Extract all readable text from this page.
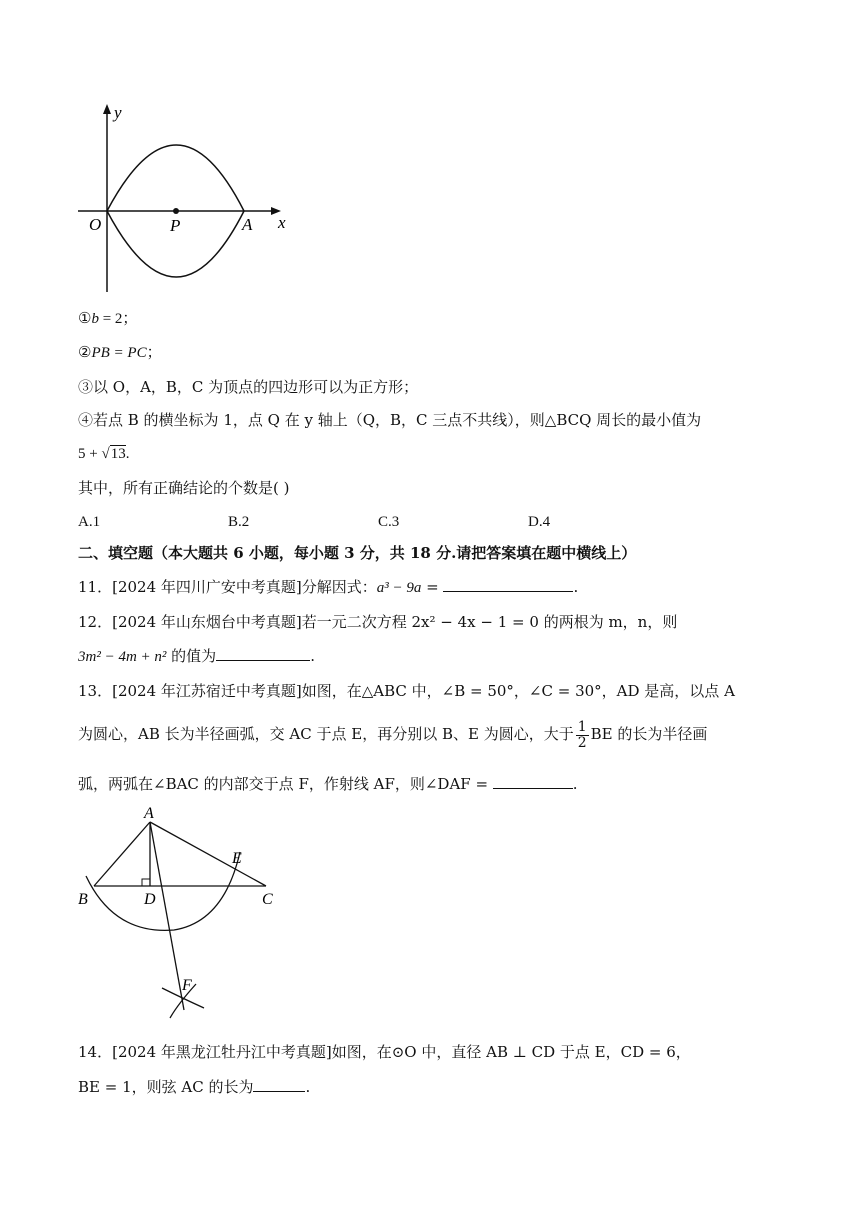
y
x
O	P	A
①b = 2；
②PB = PC；
③以 O，A，B，C 为顶点的四边形可以为正方形；
④若点 B 的横坐标为 1，点 Q 在 y 轴上（Q，B，C 三点不共线），则△BCQ 周长的最小值为
5 + √13.
其中，所有正确结论的个数是( )
A.1	B.2	C.3	D.4
二、填空题（本大题共 6 小题，每小题 3 分，共 18 分.请把答案填在题中横线上）
11．[2024 年四川广安中考真题]分解因式：a³ − 9a =	.
12．[2024 年山东烟台中考真题]若一元二次方程 2x² − 4x − 1 = 0 的两根为 m，n，则
3m² − 4m + n² 的值为	.
13．[2024 年江苏宿迁中考真题]如图，在△ABC 中，∠B = 50°，∠C = 30°，AD 是高，以点 A
为圆心，AB 长为半径画弧，交 AC 于点 E，再分别以 B、E 为圆心，大于 $\frac{1}{2}$ BE 的长为半径画
弧，两弧在∠BAC 的内部交于点 F，作射线 AF，则∠DAF =	.
A
B	C
D
E
F
14．[2024 年黑龙江牡丹江中考真题]如图，在⊙O 中，直径 AB ⊥ CD 于点 E，CD = 6，
BE = 1，则弦 AC 的长为	.
